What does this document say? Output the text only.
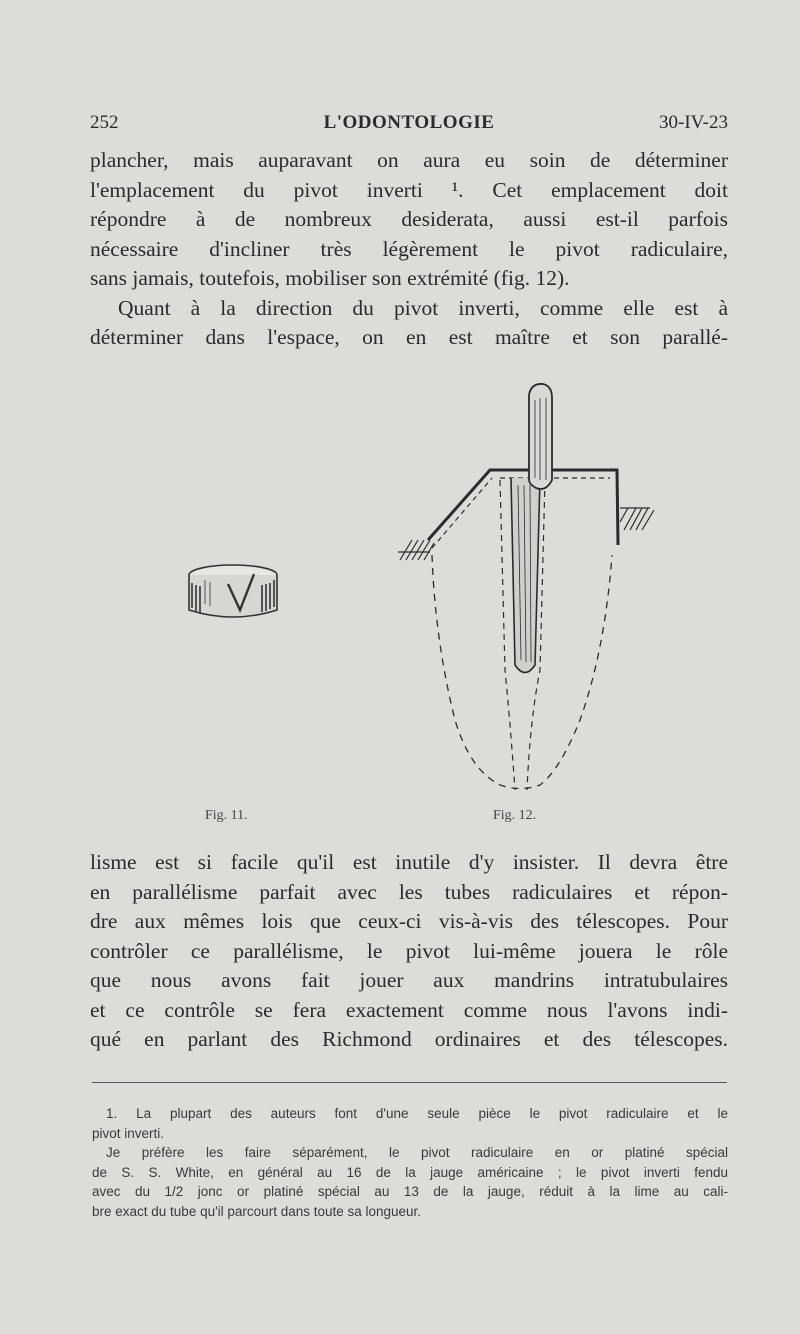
252	L'ODONTOLOGIE	30-IV-23

plancher, mais auparavant on aura eu soin de déterminer

l'emplacement du pivot inverti ¹. Cet emplacement doit

répondre à de nombreux desiderata, aussi est-il parfois

nécessaire d'incliner très légèrement le pivot radiculaire,

sans jamais, toutefois, mobiliser son extrémité (fig. 12).

Quant à la direction du pivot inverti, comme elle est à

déterminer dans l'espace, on en est maître et son parallé-

Fig. 11.	Fig. 12.

lisme est si facile qu'il est inutile d'y insister. Il devra être

en parallélisme parfait avec les tubes radiculaires et répon-

dre aux mêmes lois que ceux-ci vis-à-vis des télescopes. Pour

contrôler ce parallélisme, le pivot lui-même jouera le rôle

que nous avons fait jouer aux mandrins intratubulaires

et ce contrôle se fera exactement comme nous l'avons indi-

qué en parlant des Richmond ordinaires et des télescopes.

1. La plupart des auteurs font d'une seule pièce le pivot radiculaire et le

pivot inverti.

Je préfère les faire séparément, le pivot radiculaire en or platiné spécial

de S. S. White, en général au 16 de la jauge américaine ; le pivot inverti fendu

avec du 1/2 jonc or platiné spécial au 13 de la jauge, réduit à la lime au cali-

bre exact du tube qu'il parcourt dans toute sa longueur.
